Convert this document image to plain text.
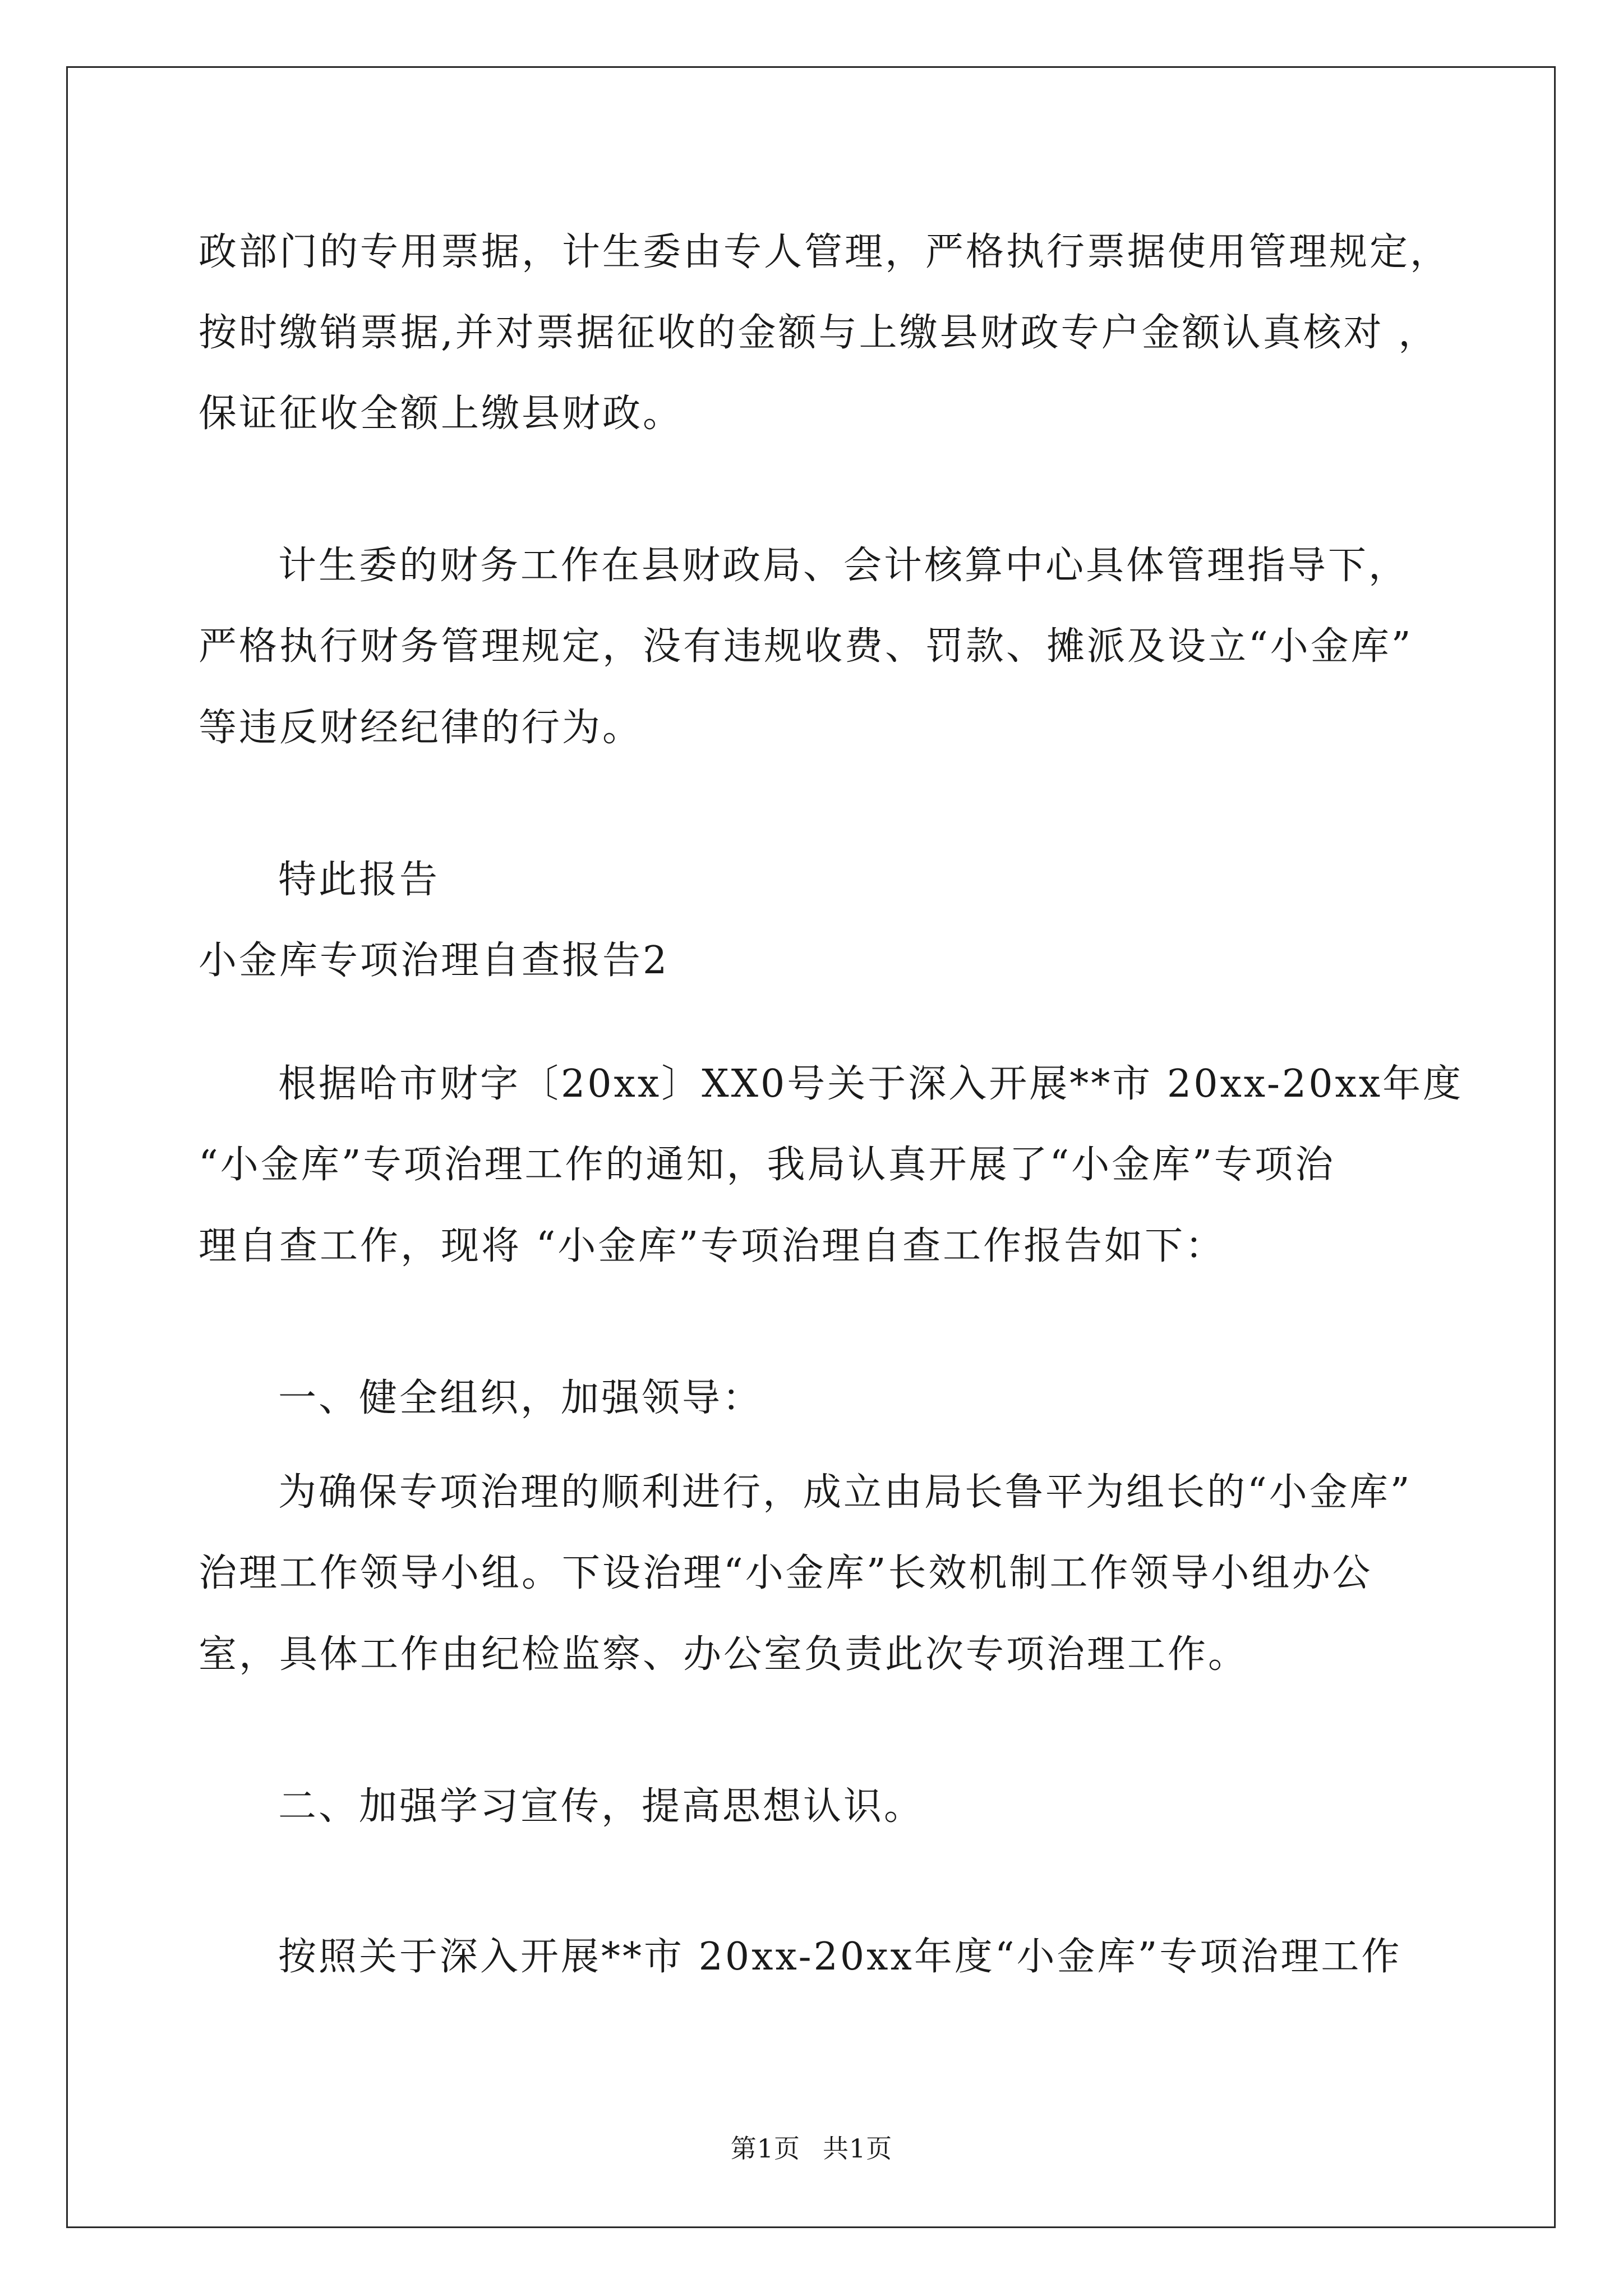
政部门的专用票据，计生委由专人管理，严格执行票据使用管理规定，
按时缴销票据,并对票据征收的金额与上缴县财政专户金额认真核对 ，
保证征收全额上缴县财政。
计生委的财务工作在县财政局、会计核算中心具体管理指导下，
严格执行财务管理规定，没有违规收费、罚款、摊派及设立“小金库”
等违反财经纪律的行为。
特此报告
小金库专项治理自查报告2
根据哈市财字〔20xx〕XX0号关于深入开展**市 20xx-20xx年度
“小金库”专项治理工作的通知，我局认真开展了“小金库”专项治
理自查工作，现将 “小金库”专项治理自查工作报告如下：
一、健全组织，加强领导：
为确保专项治理的顺利进行，成立由局长鲁平为组长的“小金库”
治理工作领导小组。下设治理“小金库”长效机制工作领导小组办公
室，具体工作由纪检监察、办公室负责此次专项治理工作。
二、加强学习宣传，提高思想认识。
按照关于深入开展**市 20xx-20xx年度“小金库”专项治理工作
第1页 共1页
